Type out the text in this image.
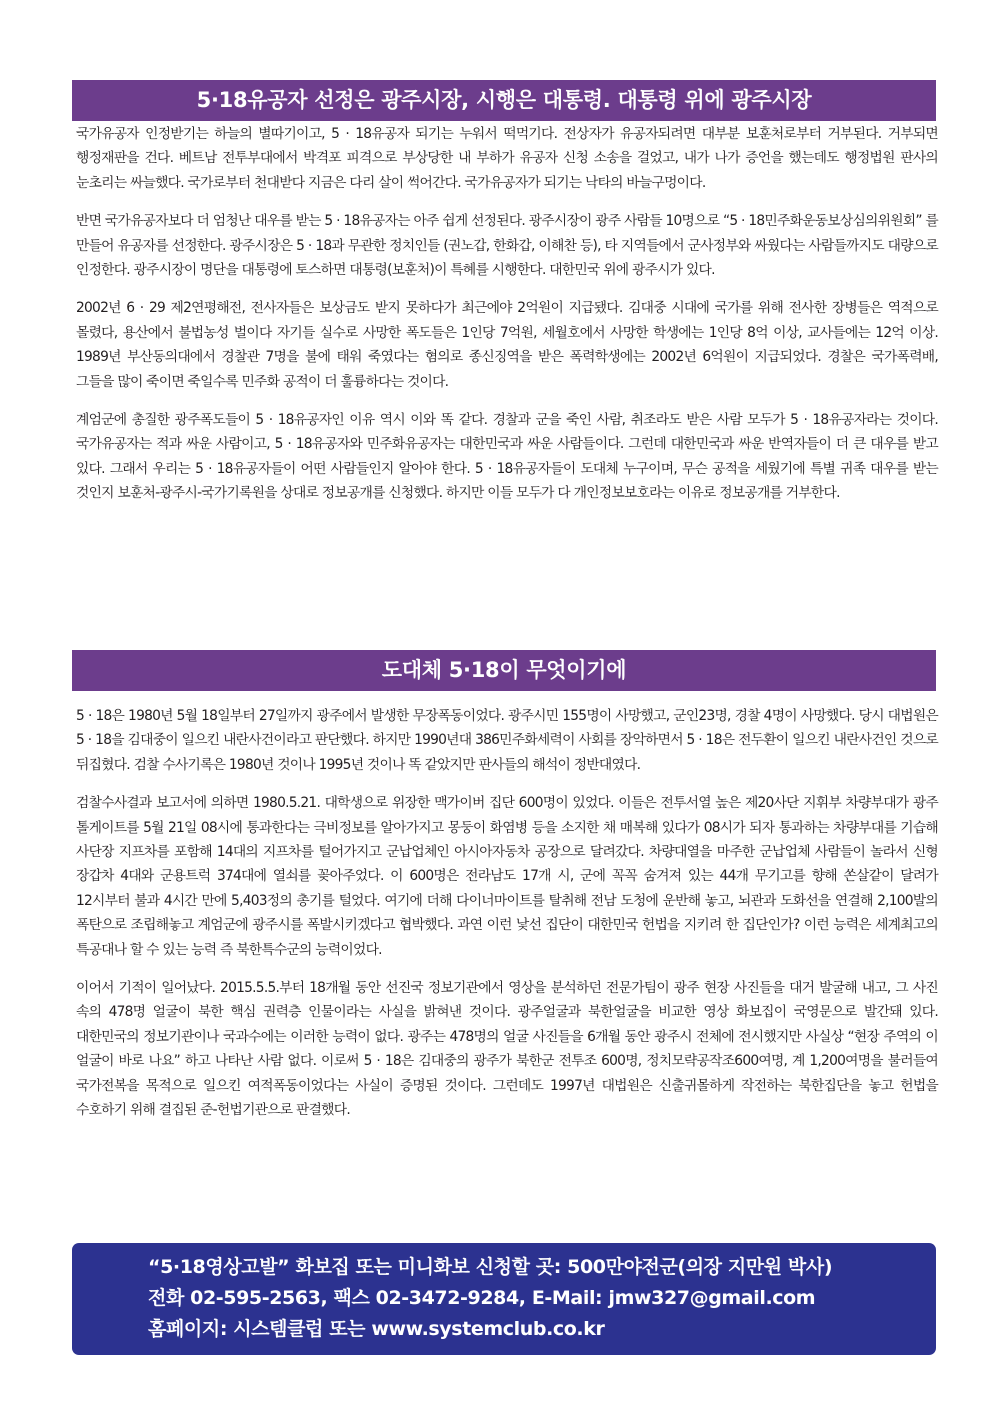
5·18유공자 선정은 광주시장, 시행은 대통령. 대통령 위에 광주시장

국가유공자 인정받기는 하늘의 별따기이고, 5 · 18유공자 되기는 누워서 떡먹기다. 전상자가 유공자되려면 대부분 보훈처로부터 거부된다. 거부되면 행정재판을 건다. 베트남 전투부대에서 박격포 피격으로 부상당한 내 부하가 유공자 신청 소송을 걸었고, 내가 나가 증언을 했는데도 행정법원 판사의 눈초리는 싸늘했다. 국가로부터 천대받다 지금은 다리 살이 썩어간다. 국가유공자가 되기는 낙타의 바늘구멍이다.

반면 국가유공자보다 더 엄청난 대우를 받는 5 · 18유공자는 아주 쉽게 선정된다. 광주시장이 광주 사람들 10명으로 “5 · 18민주화운동보상심의위원회” 를 만들어 유공자를 선정한다. 광주시장은 5 · 18과 무관한 정치인들 (권노갑, 한화갑, 이해찬 등), 타 지역들에서 군사정부와 싸웠다는 사람들까지도 대량으로 인정한다. 광주시장이 명단을 대통령에 토스하면 대통령(보훈처)이 특혜를 시행한다. 대한민국 위에 광주시가 있다.

2002년 6 · 29 제2연평해전, 전사자들은 보상금도 받지 못하다가 최근에야 2억원이 지급됐다. 김대중 시대에 국가를 위해 전사한 장병들은 역적으로 몰렸다, 용산에서 불법농성 벌이다 자기들 실수로 사망한 폭도들은 1인당 7억원, 세월호에서 사망한 학생에는 1인당 8억 이상, 교사들에는 12억 이상. 1989년 부산동의대에서 경찰관 7명을 불에 태워 죽였다는 혐의로 종신징역을 받은 폭력학생에는 2002년 6억원이 지급되었다. 경찰은 국가폭력배, 그들을 많이 죽이면 죽일수록 민주화 공적이 더 훌륭하다는 것이다.

계엄군에 총질한 광주폭도들이 5 · 18유공자인 이유 역시 이와 똑 같다. 경찰과 군을 죽인 사람, 취조라도 받은 사람 모두가 5 · 18유공자라는 것이다. 국가유공자는 적과 싸운 사람이고, 5 · 18유공자와 민주화유공자는 대한민국과 싸운 사람들이다. 그런데 대한민국과 싸운 반역자들이 더 큰 대우를 받고 있다. 그래서 우리는 5 · 18유공자들이 어떤 사람들인지 알아야 한다. 5 · 18유공자들이 도대체 누구이며, 무슨 공적을 세웠기에 특별 귀족 대우를 받는 것인지 보훈처-광주시-국가기록원을 상대로 정보공개를 신청했다. 하지만 이들 모두가 다 개인정보보호라는 이유로 정보공개를 거부한다.

도대체 5·18이 무엇이기에

5 · 18은 1980년 5월 18일부터 27일까지 광주에서 발생한 무장폭동이었다. 광주시민 155명이 사망했고, 군인23명, 경찰 4명이 사망했다. 당시 대법원은 5 · 18을 김대중이 일으킨 내란사건이라고 판단했다. 하지만 1990년대 386민주화세력이 사회를 장악하면서 5 · 18은 전두환이 일으킨 내란사건인 것으로 뒤집혔다. 검찰 수사기록은 1980년 것이나 1995년 것이나 똑 같았지만 판사들의 해석이 정반대였다.

검찰수사결과 보고서에 의하면 1980.5.21. 대학생으로 위장한 맥가이버 집단 600명이 있었다. 이들은 전투서열 높은 제20사단 지휘부 차량부대가 광주 톨게이트를 5월 21일 08시에 통과한다는 극비정보를 알아가지고 몽둥이 화염병 등을 소지한 채 매복해 있다가 08시가 되자 통과하는 차량부대를 기습해 사단장 지프차를 포함해 14대의 지프차를 털어가지고 군납업체인 아시아자동차 공장으로 달려갔다. 차량대열을 마주한 군납업체 사람들이 놀라서 신형 장갑차 4대와 군용트럭 374대에 열쇠를 꽂아주었다. 이 600명은 전라남도 17개 시, 군에 꼭꼭 숨겨져 있는 44개 무기고를 향해 쏜살같이 달려가 12시부터 불과 4시간 만에 5,403정의 총기를 털었다. 여기에 더해 다이너마이트를 탈취해 전남 도청에 운반해 놓고, 뇌관과 도화선을 연결해 2,100발의 폭탄으로 조립해놓고 계엄군에 광주시를 폭발시키겠다고 협박했다. 과연 이런 낯선 집단이 대한민국 헌법을 지키려 한 집단인가? 이런 능력은 세계최고의 특공대나 할 수 있는 능력 즉 북한특수군의 능력이었다.

이어서 기적이 일어났다. 2015.5.5.부터 18개월 동안 선진국 정보기관에서 영상을 분석하던 전문가팀이 광주 현장 사진들을 대거 발굴해 내고, 그 사진 속의 478명 얼굴이 북한 핵심 권력층 인물이라는 사실을 밝혀낸 것이다. 광주얼굴과 북한얼굴을 비교한 영상 화보집이 국영문으로 발간돼 있다. 대한민국의 정보기관이나 국과수에는 이러한 능력이 없다. 광주는 478명의 얼굴 사진들을 6개월 동안 광주시 전체에 전시했지만 사실상 “현장 주역의 이 얼굴이 바로 나요” 하고 나타난 사람 없다. 이로써 5 · 18은 김대중의 광주가 북한군 전투조 600명, 정치모략공작조600여명, 계 1,200여명을 불러들여 국가전복을 목적으로 일으킨 여적폭동이었다는 사실이 증명된 것이다. 그런데도 1997년 대법원은 신출귀몰하게 작전하는 북한집단을 놓고 헌법을 수호하기 위해 결집된 준-헌법기관으로 판결했다.

“5·18영상고발” 화보집 또는 미니화보 신청할 곳: 500만야전군(의장 지만원 박사)
전화 02-595-2563, 팩스 02-3472-9284, E-Mail: jmw327@gmail.com
홈페이지: 시스템클럽 또는 www.systemclub.co.kr
